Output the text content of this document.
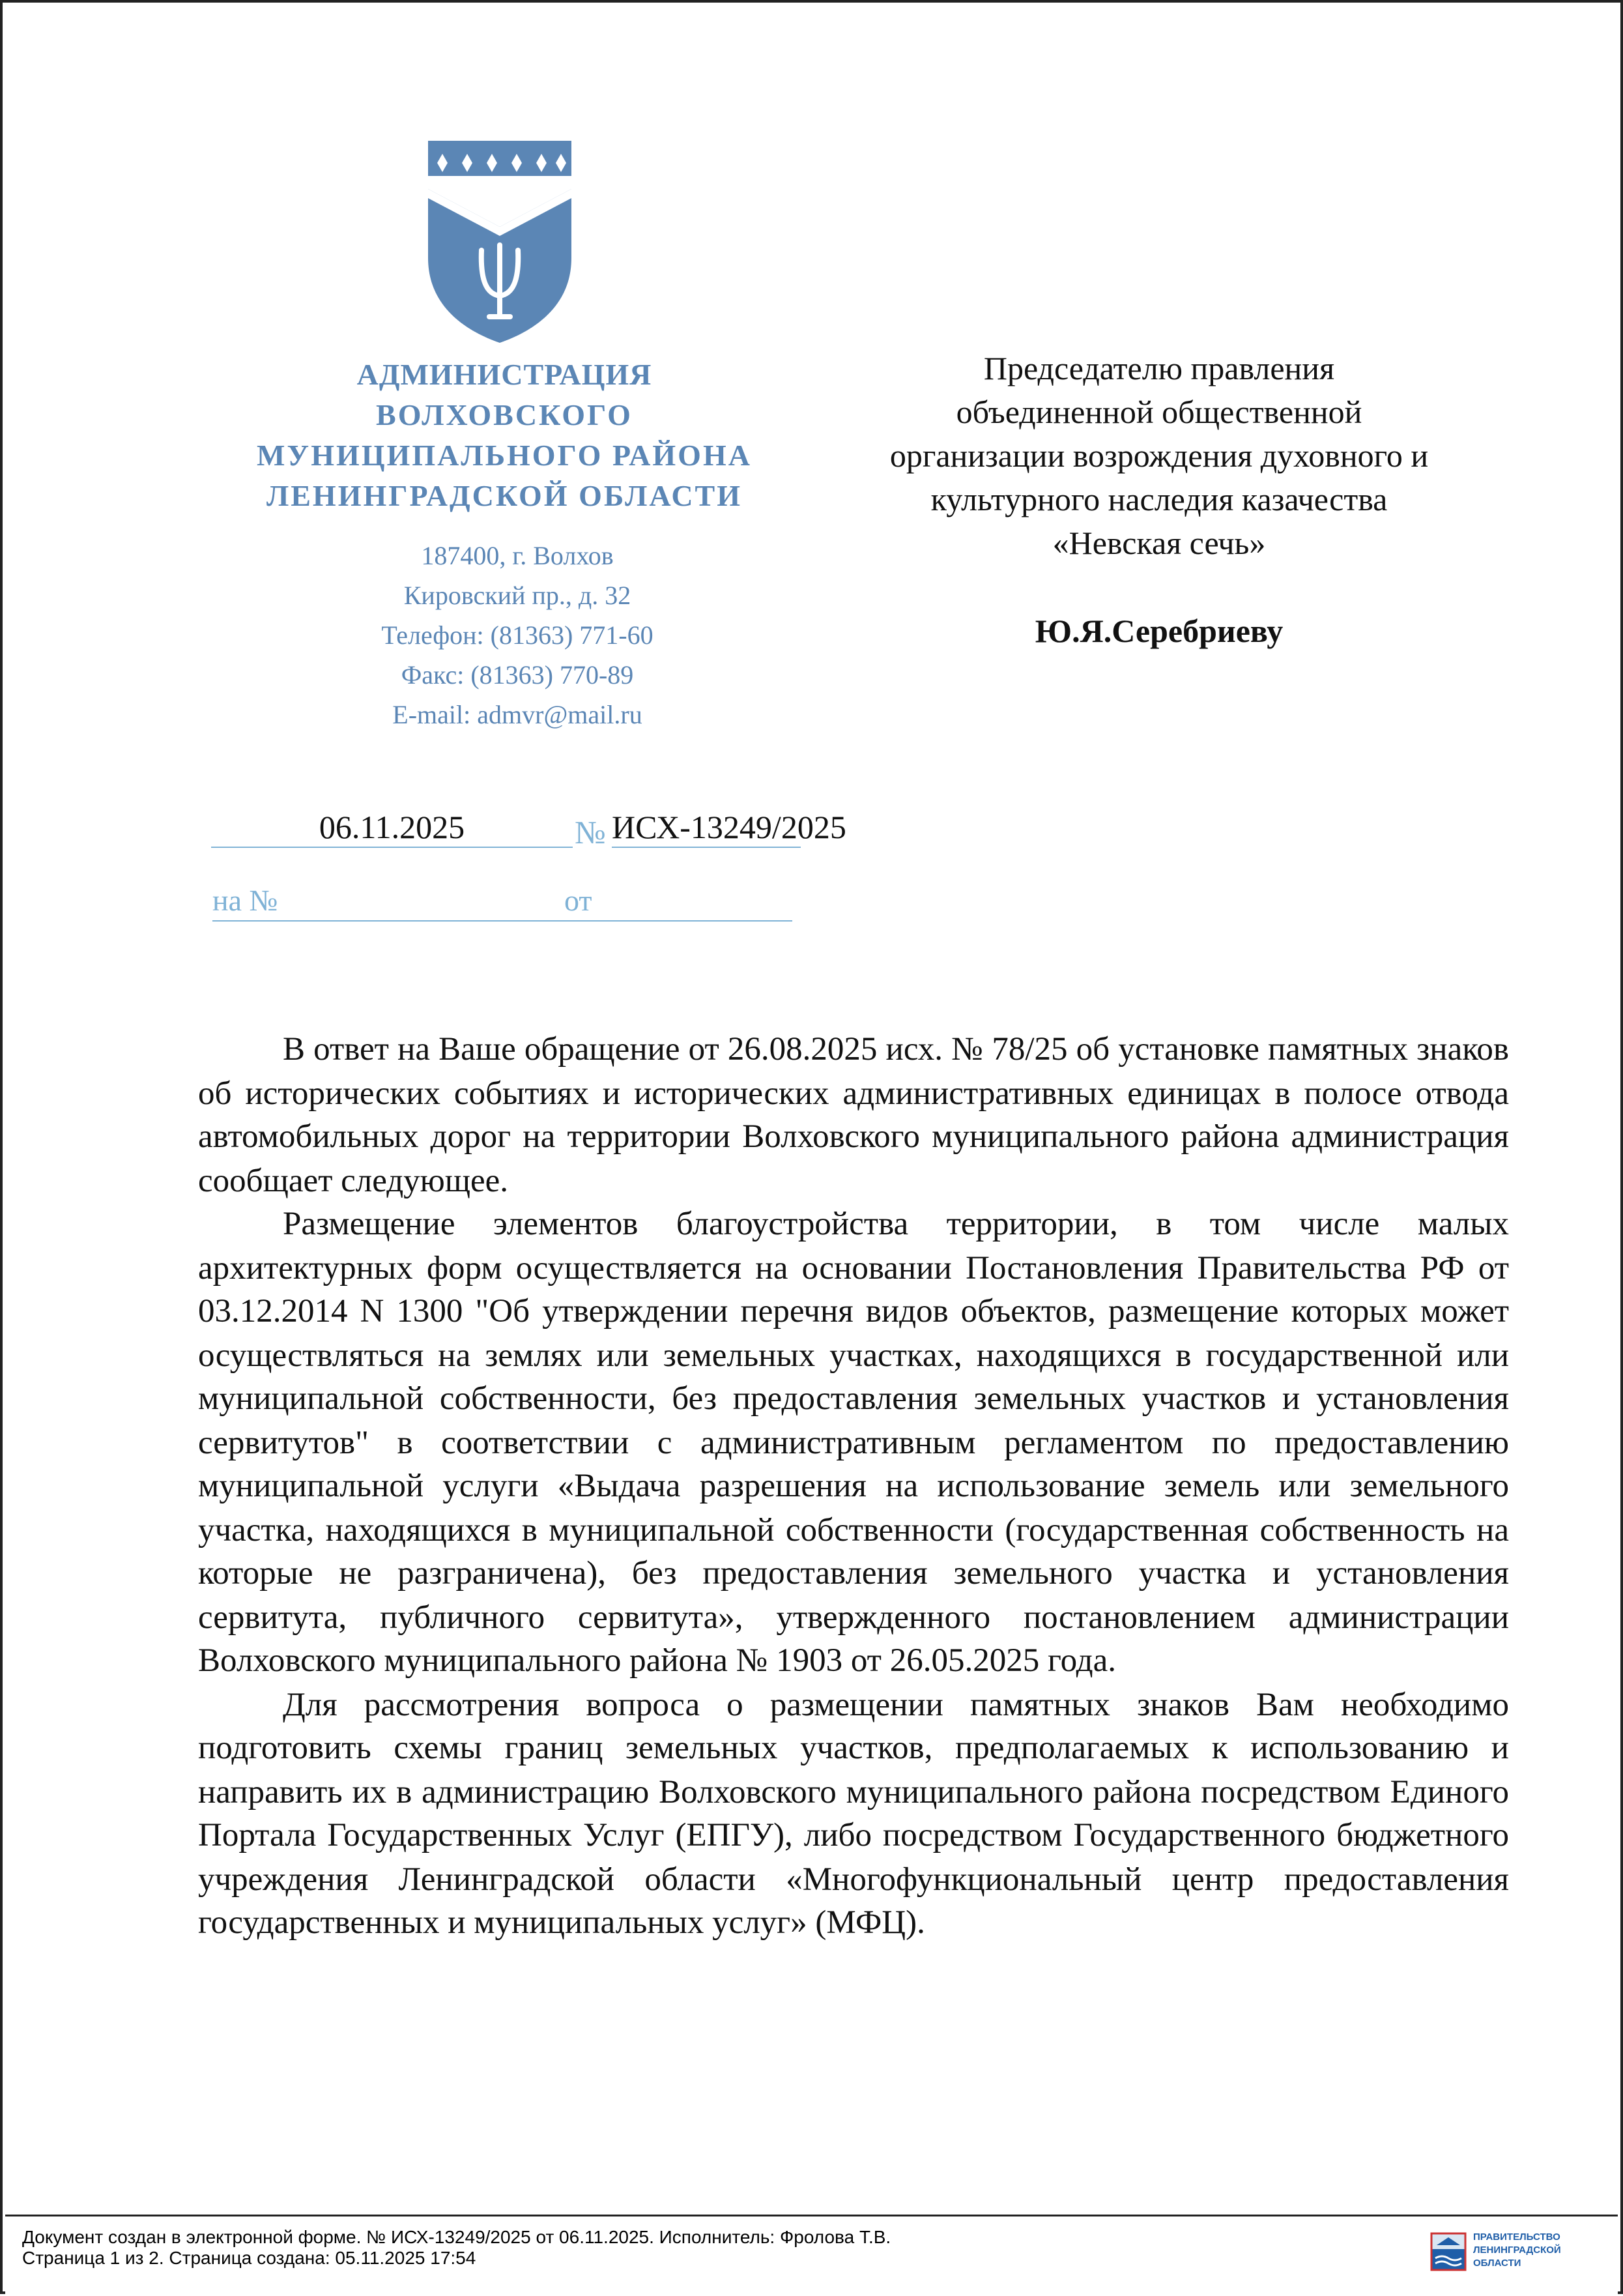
АДМИНИСТРАЦИЯ
ВОЛХОВСКОГО
МУНИЦИПАЛЬНОГО РАЙОНА
ЛЕНИНГРАДСКОЙ ОБЛАСТИ
187400, г. Волхов
Кировский пр., д. 32
Телефон: (81363) 771-60
Факс: (81363) 770-89
E-mail: admvr@mail.ru
Председателю правления
объединенной общественной
организации возрождения духовного и
культурного наследия казачества
«Невская сечь»
Ю.Я.Серебриеву
06.11.2025	№ ИСХ-13249/2025
на №	от

В ответ на Ваше обращение от 26.08.2025 исх. № 78/25 об установке памятных знаков об исторических событиях и исторических административных единицах в полосе отвода автомобильных дорог на территории Волховского муниципального района администрация сообщает следующее.

Размещение элементов благоустройства территории, в том числе малых архитектурных форм осуществляется на основании Постановления Правительства РФ от 03.12.2014 N 1300 "Об утверждении перечня видов объектов, размещение которых может осуществляться на землях или земельных участках, находящихся в государственной или муниципальной собственности, без предоставления земельных участков и установления сервитутов" в соответствии с административным регламентом по предоставлению муниципальной услуги «Выдача разрешения на использование земель или земельного участка, находящихся в муниципальной собственности (государственная собственность на которые не разграничена), без предоставления земельного участка и установления сервитута, публичного сервитута», утвержденного постановлением администрации Волховского муниципального района № 1903 от 26.05.2025 года.

Для рассмотрения вопроса о размещении памятных знаков Вам необходимо подготовить схемы границ земельных участков, предполагаемых к использованию и направить их в администрацию Волховского муниципального района посредством Единого Портала Государственных Услуг (ЕПГУ), либо посредством Государственного бюджетного учреждения Ленинградской области «Многофункциональный центр предоставления государственных и муниципальных услуг» (МФЦ).

Документ создан в электронной форме. № ИСХ-13249/2025 от 06.11.2025. Исполнитель: Фролова Т.В.
Страница 1 из 2. Страница создана: 05.11.2025 17:54
ПРАВИТЕЛЬСТВО
ЛЕНИНГРАДСКОЙ
ОБЛАСТИ
